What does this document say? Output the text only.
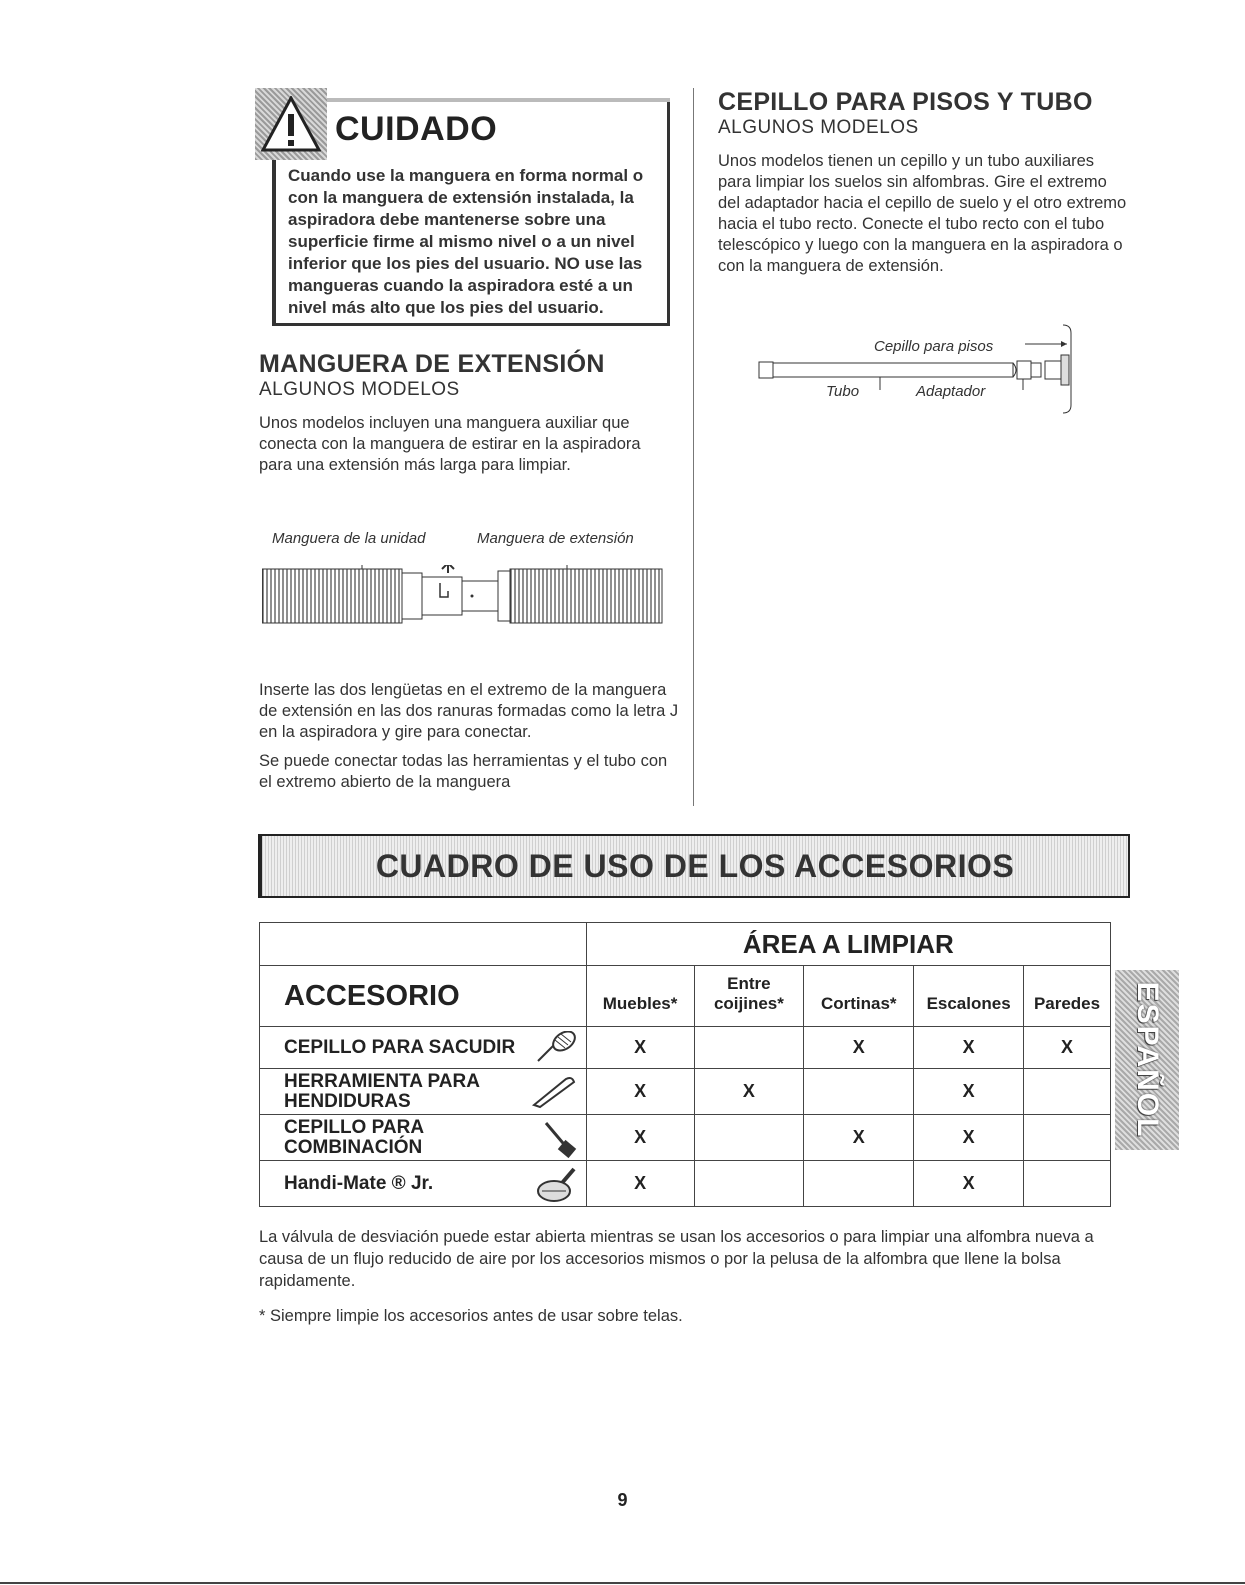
CUIDADO
Cuando use la manguera en forma normal o con la manguera de extensión instalada, la aspiradora debe mantenerse sobre una superficie firme al mismo nivel o a un nivel inferior que los pies del usuario. NO use las mangueras cuando la aspiradora esté a un nivel más alto que los pies del usuario.
MANGUERA DE EXTENSIÓN
ALGUNOS MODELOS
Unos modelos incluyen una manguera auxiliar que conecta con la manguera de estirar en la aspiradora para una extensión más larga para limpiar.
Manguera de la unidad	Manguera de extensión
Inserte las dos lengüetas en el extremo de la manguera de extensión en las dos ranuras formadas como la letra J en la aspiradora y gire para conectar.
Se puede conectar todas las herramientas y el tubo con el extremo abierto de la manguera
CEPILLO PARA PISOS Y TUBO
ALGUNOS MODELOS
Unos modelos tienen un cepillo y un tubo auxiliares para limpiar los suelos sin alfombras. Gire el extremo del adaptador hacia el cepillo de suelo y el otro extremo hacia el tubo recto. Conecte el tubo recto con el tubo telescópico y luego con la manguera en la aspiradora o con la manguera de extensión.
Cepillo para pisos
Tubo	Adaptador
CUADRO DE USO DE LOS ACCESORIOS
	ÁREA A LIMPIAR				
ACCESORIO	Muebles*	Entre coijines*	Cortinas*	Escalones	Paredes
CEPILLO PARA SACUDIR	X		X	X	X

HERRAMIENTA PARA HENDIDURAS	X	X		X	

CEPILLO PARA COMBINACIÓN	X		X	X	
Handi-Mate ® Jr.	X			X	
ESPAÑOL
La válvula de desviación puede estar abierta mientras se usan los accesorios o para limpiar una alfombra nueva a causa de un flujo reducido de aire por los accesorios mismos o por la pelusa de la alfombra que llene la bolsa rapidamente.
* Siempre limpie los accesorios antes de usar sobre telas.
9
